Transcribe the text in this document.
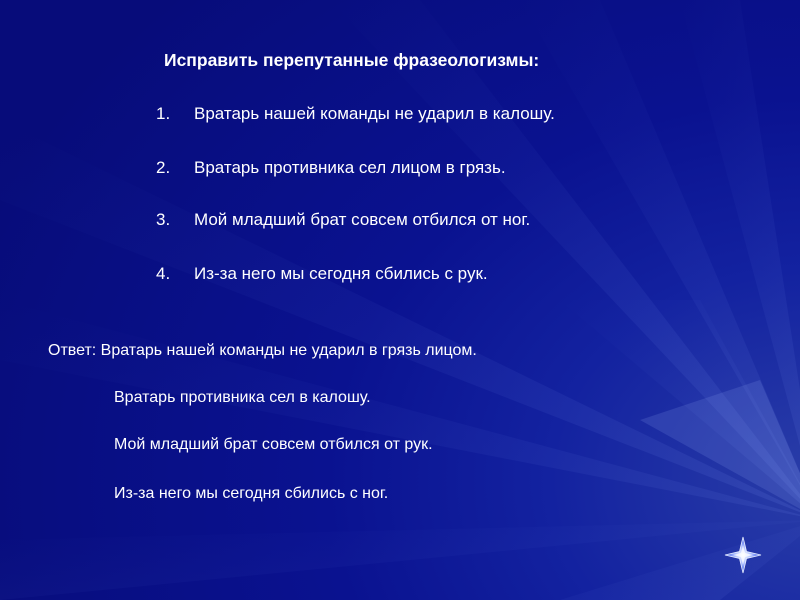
Исправить перепутанные фразеологизмы:
1. Вратарь нашей команды не ударил в калошу.
2. Вратарь противника сел лицом в грязь.
3. Мой младший брат совсем отбился от ног.
4. Из-за него мы сегодня сбились с рук.
Ответ: Вратарь нашей команды не ударил в грязь лицом.
Вратарь противника сел в калошу.
Мой младший брат совсем отбился от рук.
Из-за него мы сегодня сбились с ног.
